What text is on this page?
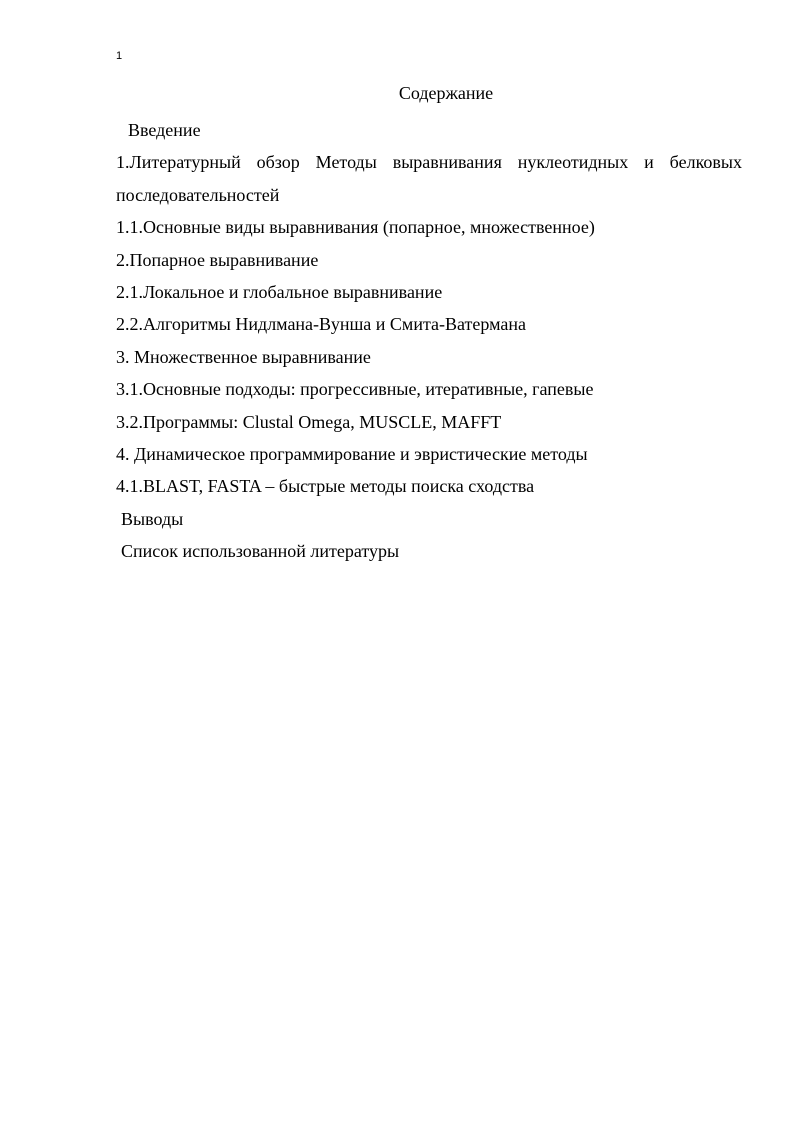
1
Содержание
Введение
1.Литературный обзор Методы выравнивания нуклеотидных и белковых последовательностей
1.1.Основные виды выравнивания (попарное, множественное)
2.Попарное выравнивание
2.1.Локальное и глобальное выравнивание
2.2.Алгоритмы Нидлмана-Вунша и Смита-Ватермана
3. Множественное выравнивание
3.1.Основные подходы: прогрессивные, итеративные, гапевые
3.2.Программы: Clustal Omega, MUSCLE, MAFFT
4. Динамическое программирование и эвристические методы
4.1.BLAST, FASTA – быстрые методы поиска сходства
Выводы
Список использованной литературы
